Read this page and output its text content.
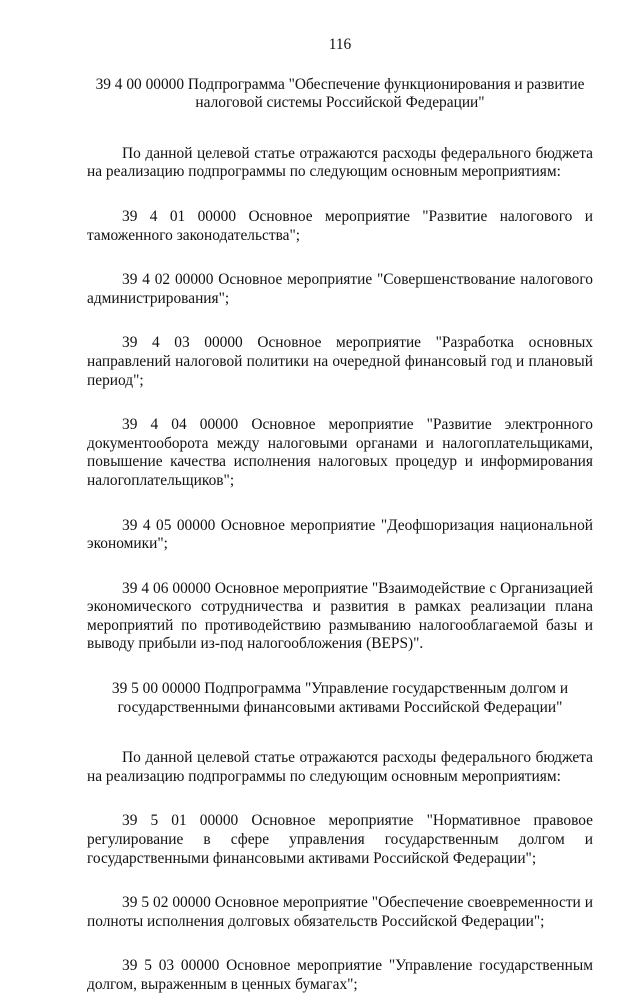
116
39 4 00 00000 Подпрограмма "Обеспечение функционирования и развитие
налоговой системы Российской Федерации"

По данной целевой статье отражаются расходы федерального бюджета на реализацию подпрограммы по следующим основным мероприятиям:

39 4 01 00000 Основное мероприятие "Развитие налогового и таможенного законодательства";

39 4 02 00000 Основное мероприятие "Совершенствование налогового администрирования";

39 4 03 00000 Основное мероприятие "Разработка основных направлений налоговой политики на очередной финансовый год и плановый период";

39 4 04 00000 Основное мероприятие "Развитие электронного документооборота между налоговыми органами и налогоплательщиками, повышение качества исполнения налоговых процедур и информирования налогоплательщиков";

39 4 05 00000 Основное мероприятие "Деофшоризация национальной экономики";

39 4 06 00000 Основное мероприятие "Взаимодействие с Организацией экономического сотрудничества и развития в рамках реализации плана мероприятий по противодействию размыванию налогооблагаемой базы и выводу прибыли из-под налогообложения (BEPS)".

39 5 00 00000 Подпрограмма "Управление государственным долгом и
государственными финансовыми активами Российской Федерации"

По данной целевой статье отражаются расходы федерального бюджета на реализацию подпрограммы по следующим основным мероприятиям:

39 5 01 00000 Основное мероприятие "Нормативное правовое регулирование в сфере управления государственным долгом и государственными финансовыми активами Российской Федерации";

39 5 02 00000 Основное мероприятие "Обеспечение своевременности и полноты исполнения долговых обязательств Российской Федерации";

39 5 03 00000 Основное мероприятие "Управление государственным долгом, выраженным в ценных бумагах";
